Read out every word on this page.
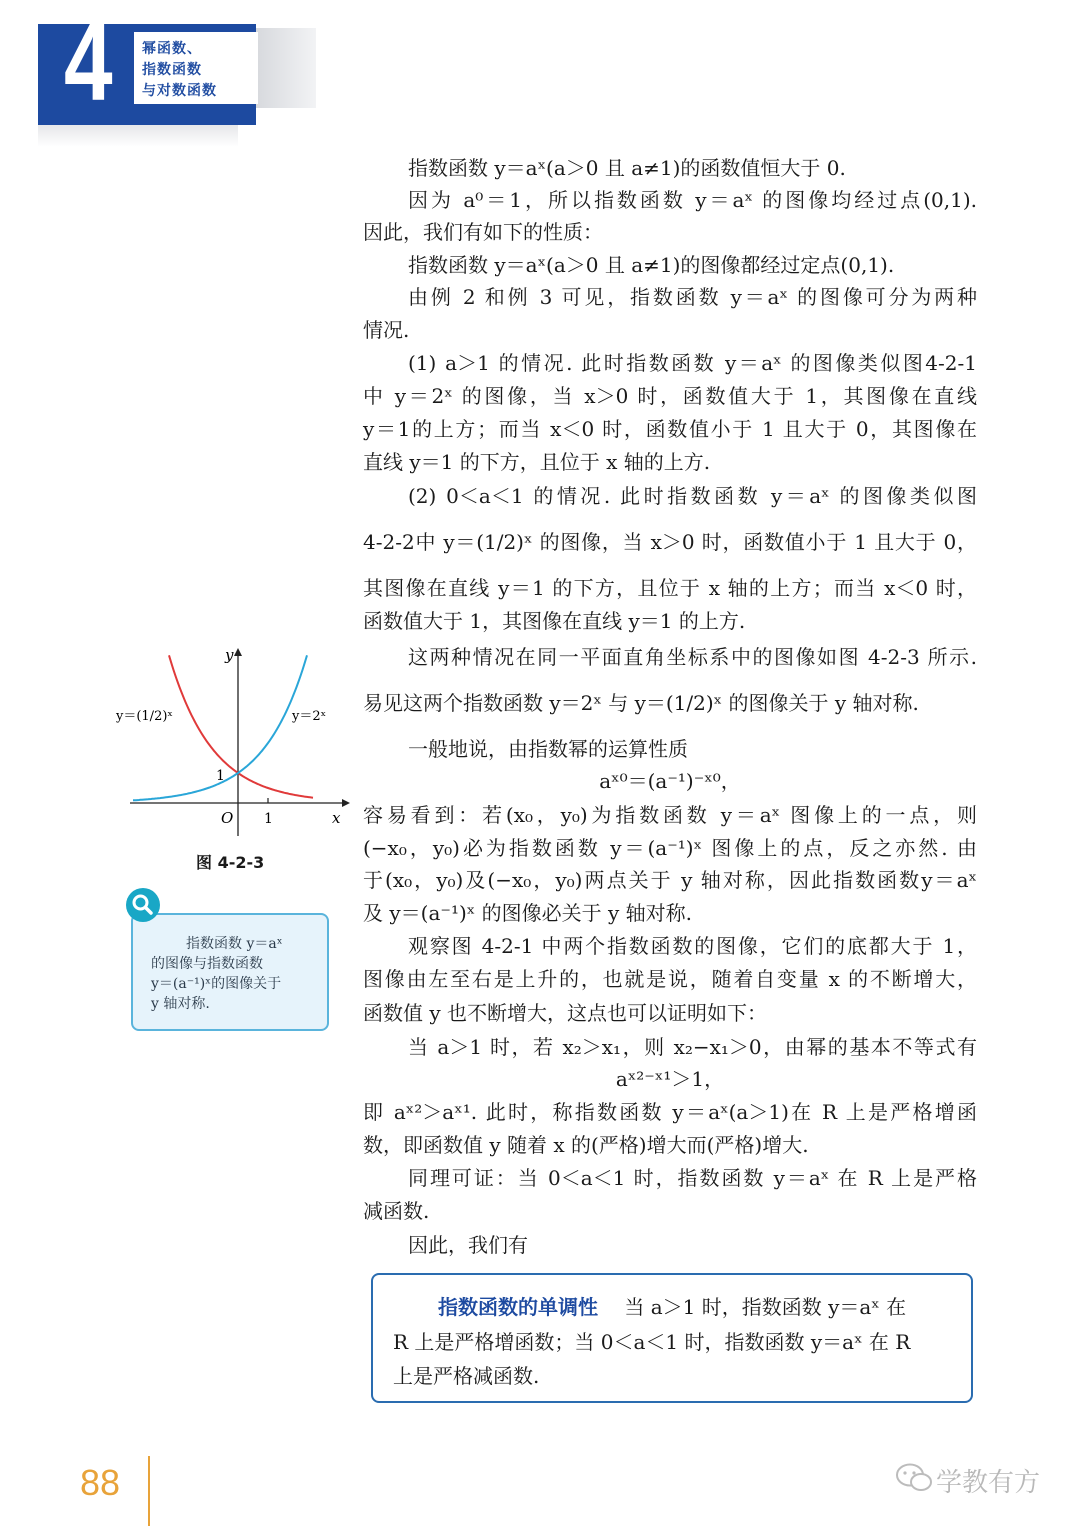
4 幂函数、
指数函数
与对数函数
指数函数 y＝aˣ(a＞0 且 a≠1)的函数值恒大于 0.
因为 a⁰＝1，所以指数函数 y＝aˣ 的图像均经过点(0,1).
因此，我们有如下的性质：
指数函数 y＝aˣ(a＞0 且 a≠1)的图像都经过定点(0,1).
由例 2 和例 3 可见，指数函数 y＝aˣ 的图像可分为两种
情况.
(1) a＞1 的情况. 此时指数函数 y＝aˣ 的图像类似图4-2-1
中 y＝2ˣ 的图像，当 x＞0 时，函数值大于 1，其图像在直线
y＝1的上方；而当 x＜0 时，函数值小于 1 且大于 0，其图像在
直线 y＝1 的下方，且位于 x 轴的上方.
(2) 0＜a＜1 的情况. 此时指数函数 y＝aˣ 的图像类似图
4-2-2中 y＝(1/2)ˣ 的图像，当 x＞0 时，函数值小于 1 且大于 0，
其图像在直线 y＝1 的下方，且位于 x 轴的上方；而当 x＜0 时，
函数值大于 1，其图像在直线 y＝1 的上方.
这两种情况在同一平面直角坐标系中的图像如图 4-2-3 所示.
易见这两个指数函数 y＝2ˣ 与 y＝(1/2)ˣ 的图像关于 y 轴对称.
一般地说，由指数幂的运算性质
aˣ⁰＝(a⁻¹)⁻ˣ⁰，
容易看到：若(x₀，y₀)为指数函数 y＝aˣ 图像上的一点，则
(−x₀，y₀)必为指数函数 y＝(a⁻¹)ˣ 图像上的点，反之亦然. 由
于(x₀，y₀)及(−x₀，y₀)两点关于 y 轴对称，因此指数函数y＝aˣ
及 y＝(a⁻¹)ˣ 的图像必关于 y 轴对称.
观察图 4-2-1 中两个指数函数的图像，它们的底都大于 1，
图像由左至右是上升的，也就是说，随着自变量 x 的不断增大，
函数值 y 也不断增大，这点也可以证明如下：
当 a＞1 时，若 x₂＞x₁，则 x₂−x₁＞0，由幂的基本不等式有
aˣ²⁻ˣ¹＞1，
即 aˣ²＞aˣ¹. 此时，称指数函数 y＝aˣ(a＞1)在 R 上是严格增函
数，即函数值 y 随着 x 的(严格)增大而(严格)增大.
同理可证：当 0＜a＜1 时，指数函数 y＝aˣ 在 R 上是严格
减函数.
因此，我们有
x
y
O 1
1
y＝(1/2)ˣ	y＝2ˣ
图 4-2-3
指数函数 y＝aˣ
的图像与指数函数
y＝(a⁻¹)ˣ的图像关于
y 轴对称.
指数函数的单调性 当 a＞1 时，指数函数 y＝aˣ 在
R 上是严格增函数；当 0＜a＜1 时，指数函数 y＝aˣ 在 R
上是严格减函数.
88	学教有方
